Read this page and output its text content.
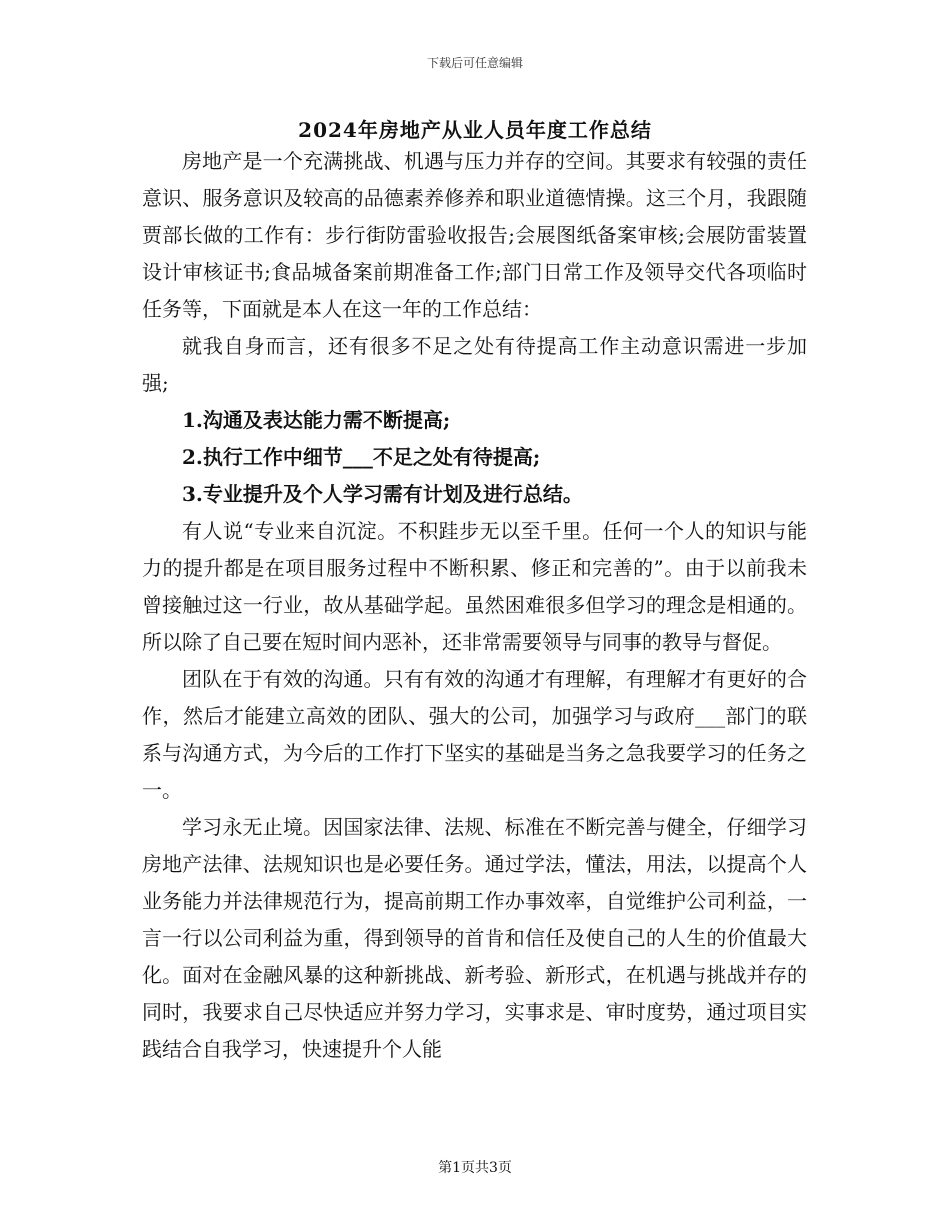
下载后可任意编辑
2024年房地产从业人员年度工作总结

房地产是一个充满挑战、机遇与压力并存的空间。其要求有较强的责任意识、服务意识及较高的品德素养修养和职业道德情操。这三个月，我跟随贾部长做的工作有：步行街防雷验收报告;会展图纸备案审核;会展防雷装置设计审核证书;食品城备案前期准备工作;部门日常工作及领导交代各项临时任务等，下面就是本人在这一年的工作总结：

就我自身而言，还有很多不足之处有待提高工作主动意识需进一步加强;

1.沟通及表达能力需不断提高;

2.执行工作中细节___不足之处有待提高;

3.专业提升及个人学习需有计划及进行总结。

有人说“专业来自沉淀。不积跬步无以至千里。任何一个人的知识与能力的提升都是在项目服务过程中不断积累、修正和完善的”。由于以前我未曾接触过这一行业，故从基础学起。虽然困难很多但学习的理念是相通的。所以除了自己要在短时间内恶补，还非常需要领导与同事的教导与督促。

团队在于有效的沟通。只有有效的沟通才有理解，有理解才有更好的合作，然后才能建立高效的团队、强大的公司，加强学习与政府___部门的联系与沟通方式，为今后的工作打下坚实的基础是当务之急我要学习的任务之一。

学习永无止境。因国家法律、法规、标准在不断完善与健全，仔细学习房地产法律、法规知识也是必要任务。通过学法，懂法，用法，以提高个人业务能力并法律规范行为，提高前期工作办事效率，自觉维护公司利益，一言一行以公司利益为重，得到领导的首肯和信任及使自己的人生的价值最大化。面对在金融风暴的这种新挑战、新考验、新形式，在机遇与挑战并存的同时，我要求自己尽快适应并努力学习，实事求是、审时度势，通过项目实践结合自我学习，快速提升个人能

第1页共3页
